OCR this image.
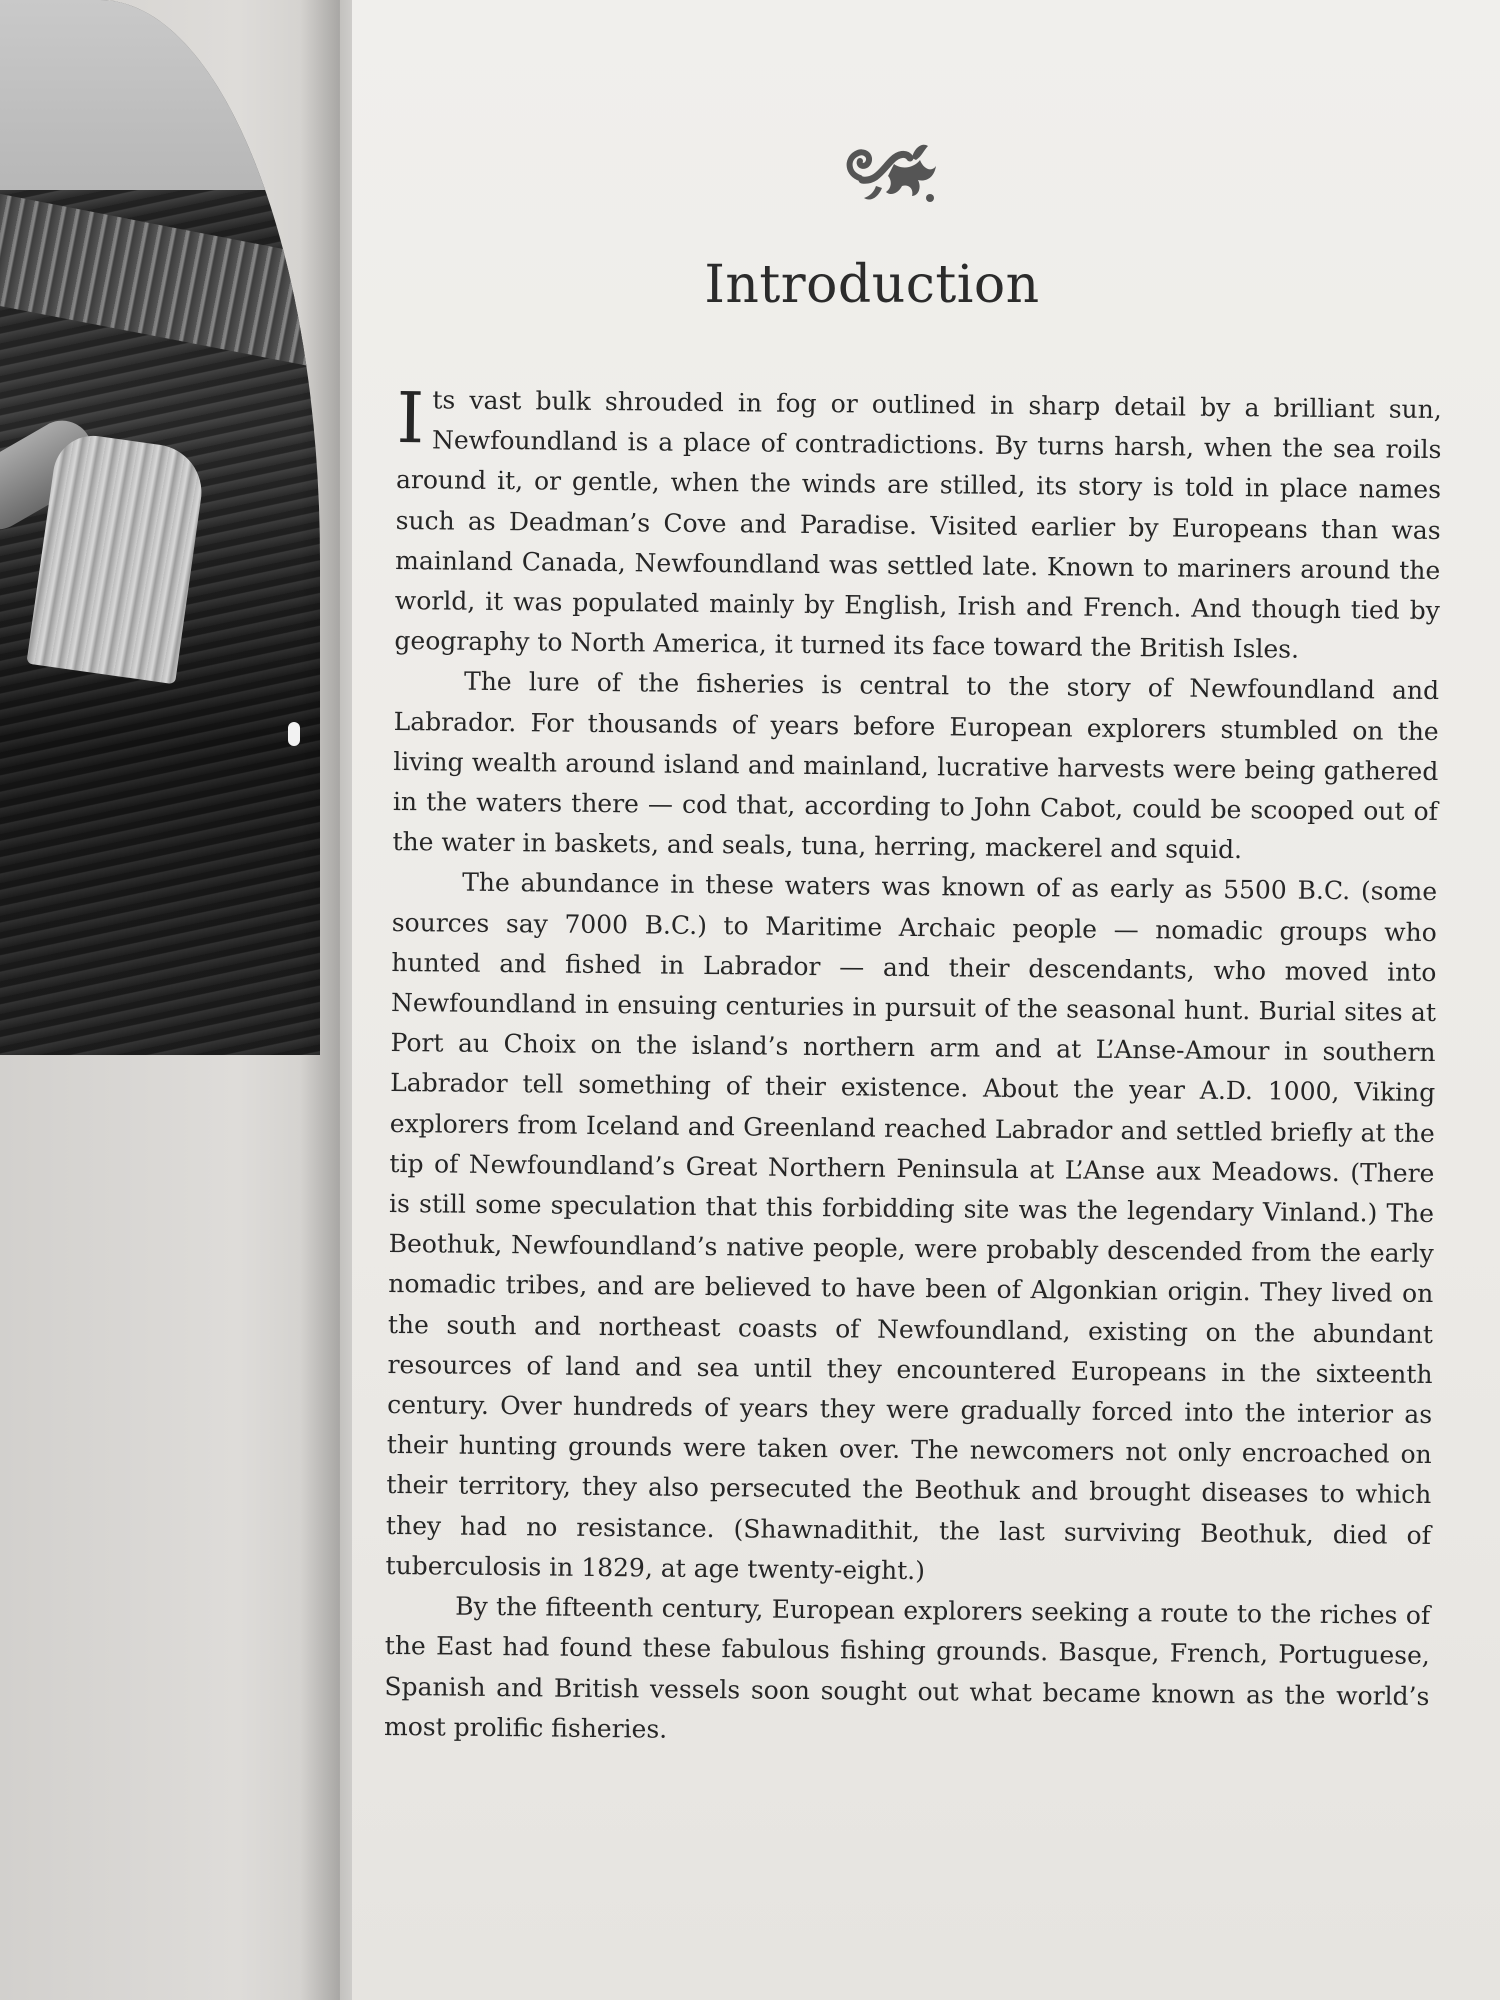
Introduction

Its vast bulk shrouded in fog or outlined in sharp detail by a brilliant sun, Newfoundland is a place of contradictions. By turns harsh, when the sea roils around it, or gentle, when the winds are stilled, its story is told in place names such as Deadman’s Cove and Paradise. Visited earlier by Europeans than was mainland Canada, Newfoundland was settled late. Known to mariners around the world, it was populated mainly by English, Irish and French. And though tied by geography to North America, it turned its face toward the British Isles.

The lure of the fisheries is central to the story of Newfoundland and Labrador. For thousands of years before European explorers stumbled on the living wealth around island and mainland, lucrative harvests were being gathered in the waters there — cod that, according to John Cabot, could be scooped out of the water in baskets, and seals, tuna, herring, mackerel and squid.

The abundance in these waters was known of as early as 5500 B.C. (some sources say 7000 B.C.) to Maritime Archaic people — nomadic groups who hunted and fished in Labrador — and their descendants, who moved into Newfoundland in ensuing centuries in pursuit of the seasonal hunt. Burial sites at Port au Choix on the island’s northern arm and at L’Anse-Amour in southern Labrador tell something of their existence. About the year A.D. 1000, Viking explorers from Iceland and Greenland reached Labrador and settled briefly at the tip of Newfoundland’s Great Northern Peninsula at L’Anse aux Meadows. (There is still some speculation that this forbidding site was the legendary Vinland.) The Beothuk, Newfoundland’s native people, were probably descended from the early nomadic tribes, and are believed to have been of Algonkian origin. They lived on the south and northeast coasts of Newfoundland, existing on the abundant resources of land and sea until they encountered Europeans in the sixteenth century. Over hundreds of years they were gradually forced into the interior as their hunting grounds were taken over. The newcomers not only encroached on their territory, they also persecuted the Beothuk and brought diseases to which they had no resistance. (Shawnadithit, the last surviving Beothuk, died of tuberculosis in 1829, at age twenty-eight.)

By the fifteenth century, European explorers seeking a route to the riches of the East had found these fabulous fishing grounds. Basque, French, Portuguese, Spanish and British vessels soon sought out what became known as the world’s most prolific fisheries.
